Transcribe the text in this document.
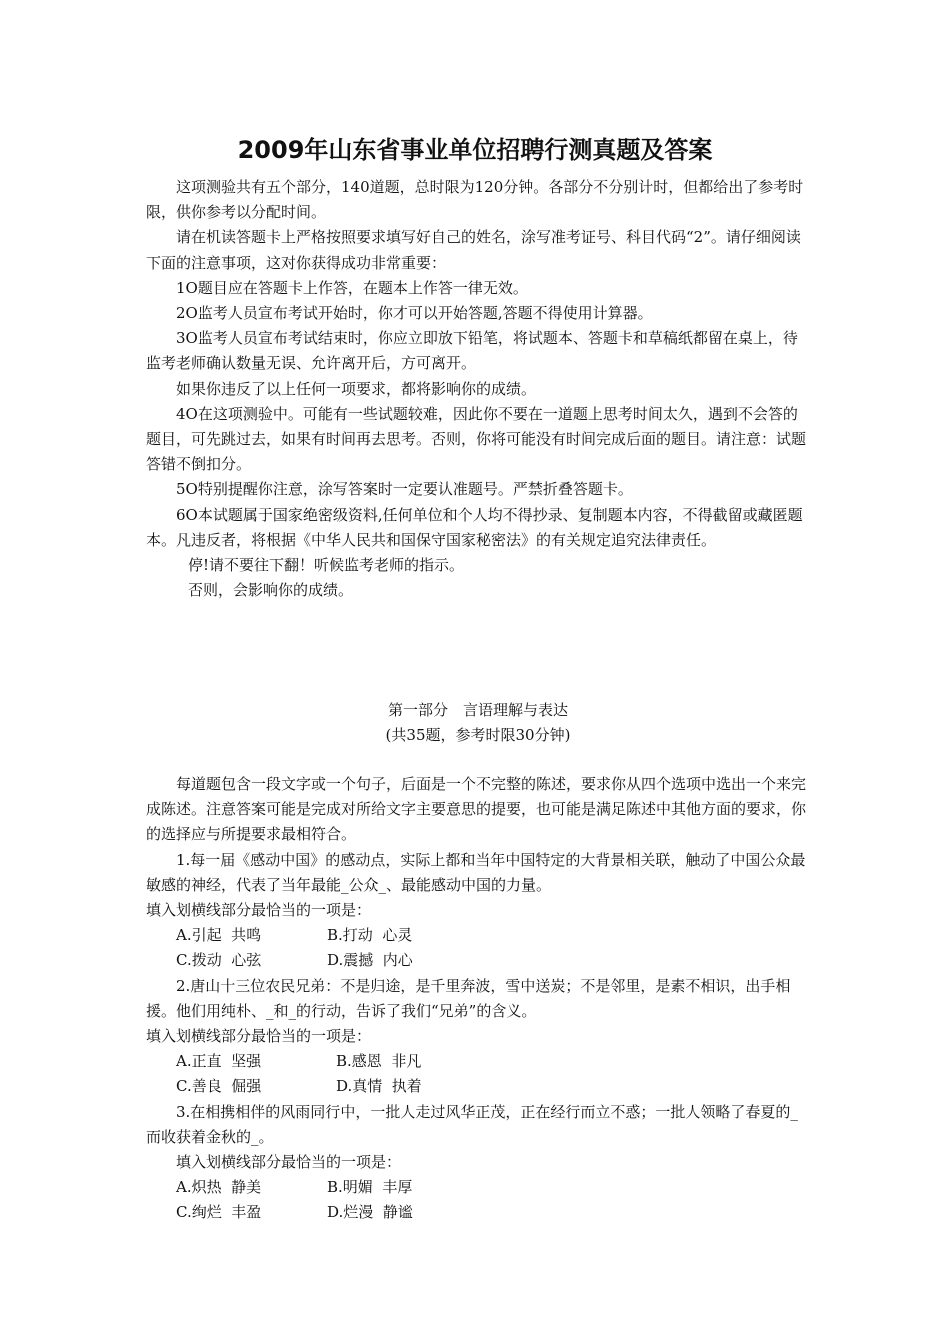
2009年山东省事业单位招聘行测真题及答案

这项测验共有五个部分，140道题，总时限为120分钟。各部分不分别计时，但都给出了参考时限，供你参考以分配时间。

请在机读答题卡上严格按照要求填写好自己的姓名，涂写准考证号、科目代码“2”。请仔细阅读下面的注意事项，这对你获得成功非常重要：

1O题目应在答题卡上作答，在题本上作答一律无效。

2O监考人员宣布考试开始时，你才可以开始答题,答题不得使用计算器。

3O监考人员宣布考试结束时，你应立即放下铅笔，将试题本、答题卡和草稿纸都留在桌上，待监考老师确认数量无误、允许离开后，方可离开。

如果你违反了以上任何一项要求，都将影响你的成绩。

4O在这项测验中。可能有一些试题较难，因此你不要在一道题上思考时间太久，遇到不会答的题目，可先跳过去，如果有时间再去思考。否则，你将可能没有时间完成后面的题目。请注意：试题答错不倒扣分。

5O特别提醒你注意，涂写答案时一定要认准题号。严禁折叠答题卡。

6O本试题属于国家绝密级资料,任何单位和个人均不得抄录、复制题本内容，不得截留或藏匿题本。凡违反者，将根据《中华人民共和国保守国家秘密法》的有关规定追究法律责任。

停!请不要往下翻！听候监考老师的指示。

否则，会影响你的成绩。

第一部分　言语理解与表达

(共35题，参考时限30分钟)

每道题包含一段文字或一个句子，后面是一个不完整的陈述，要求你从四个选项中选出一个来完成陈述。注意答案可能是完成对所给文字主要意思的提要，也可能是满足陈述中其他方面的要求，你的选择应与所提要求最相符合。

1.每一届《感动中国》的感动点，实际上都和当年中国特定的大背景相关联，触动了中国公众最敏感的神经，代表了当年最能_公众_、最能感动中国的力量。

填入划横线部分最恰当的一项是：

A.引起  共鸣	B.打动  心灵
C.拨动  心弦	D.震撼  内心

2.唐山十三位农民兄弟：不是归途，是千里奔波，雪中送炭；不是邻里，是素不相识，出手相援。他们用纯朴、_和_的行动，告诉了我们“兄弟”的含义。

填入划横线部分最恰当的一项是：

A.正直  坚强	B.感恩  非凡
C.善良  倔强	D.真情  执着

3.在相携相伴的风雨同行中，一批人走过风华正茂，正在经行而立不惑；一批人领略了春夏的_而收获着金秋的_。

填入划横线部分最恰当的一项是：

A.炽热  静美	B.明媚  丰厚
C.绚烂  丰盈	D.烂漫  静谧
